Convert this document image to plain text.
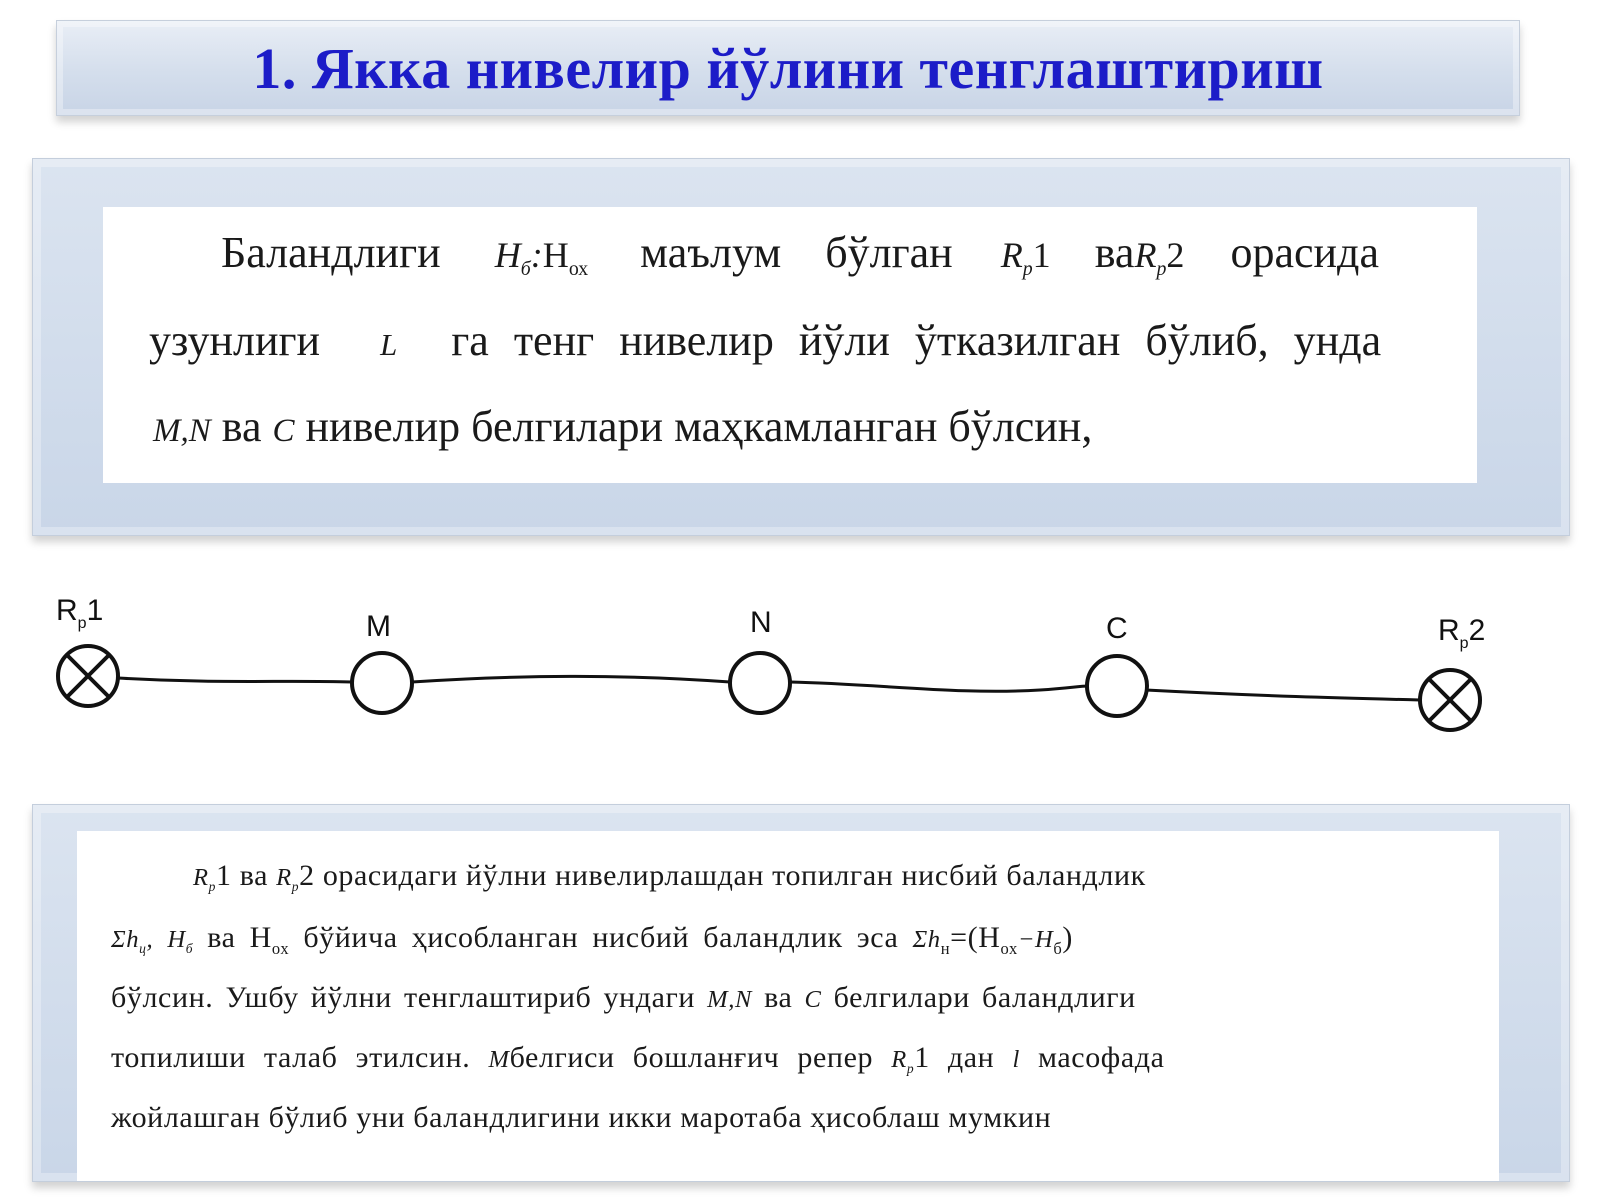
1. Якка нивелир йўлини тенглаштириш
Баландлиги $H_б:H_{ох}$ маълум бўлган $R_p1$ ваR$_p$2 орасида
узунлиги L га тенг нивелир йўли ўтказилган бўлиб, унда
M,N ва C нивелир белгилари маҳкамланган бўлсин,
$R_p1$	M	N	C	$R_p2$
$R_p1$ ва $R_p2$ орасидаги йўлни нивелирлашдан топилган нисбий баландлик
$\Sigma h_ц$, $H_б$ ва $H_{ох}$ бўйича ҳисобланган нисбий баландлик эса $\Sigma h_н=(H_{ох}-H_б)$
бўлсин. Ушбу йўлни тенглаштириб ундаги M,N ва C белгилари баландлиги
топилиши талаб этилсин. Mбелгиси бошланғич репер $R_p1$ дан l масофада
жойлашган бўлиб уни баландлигини икки маротаба ҳисоблаш мумкин
